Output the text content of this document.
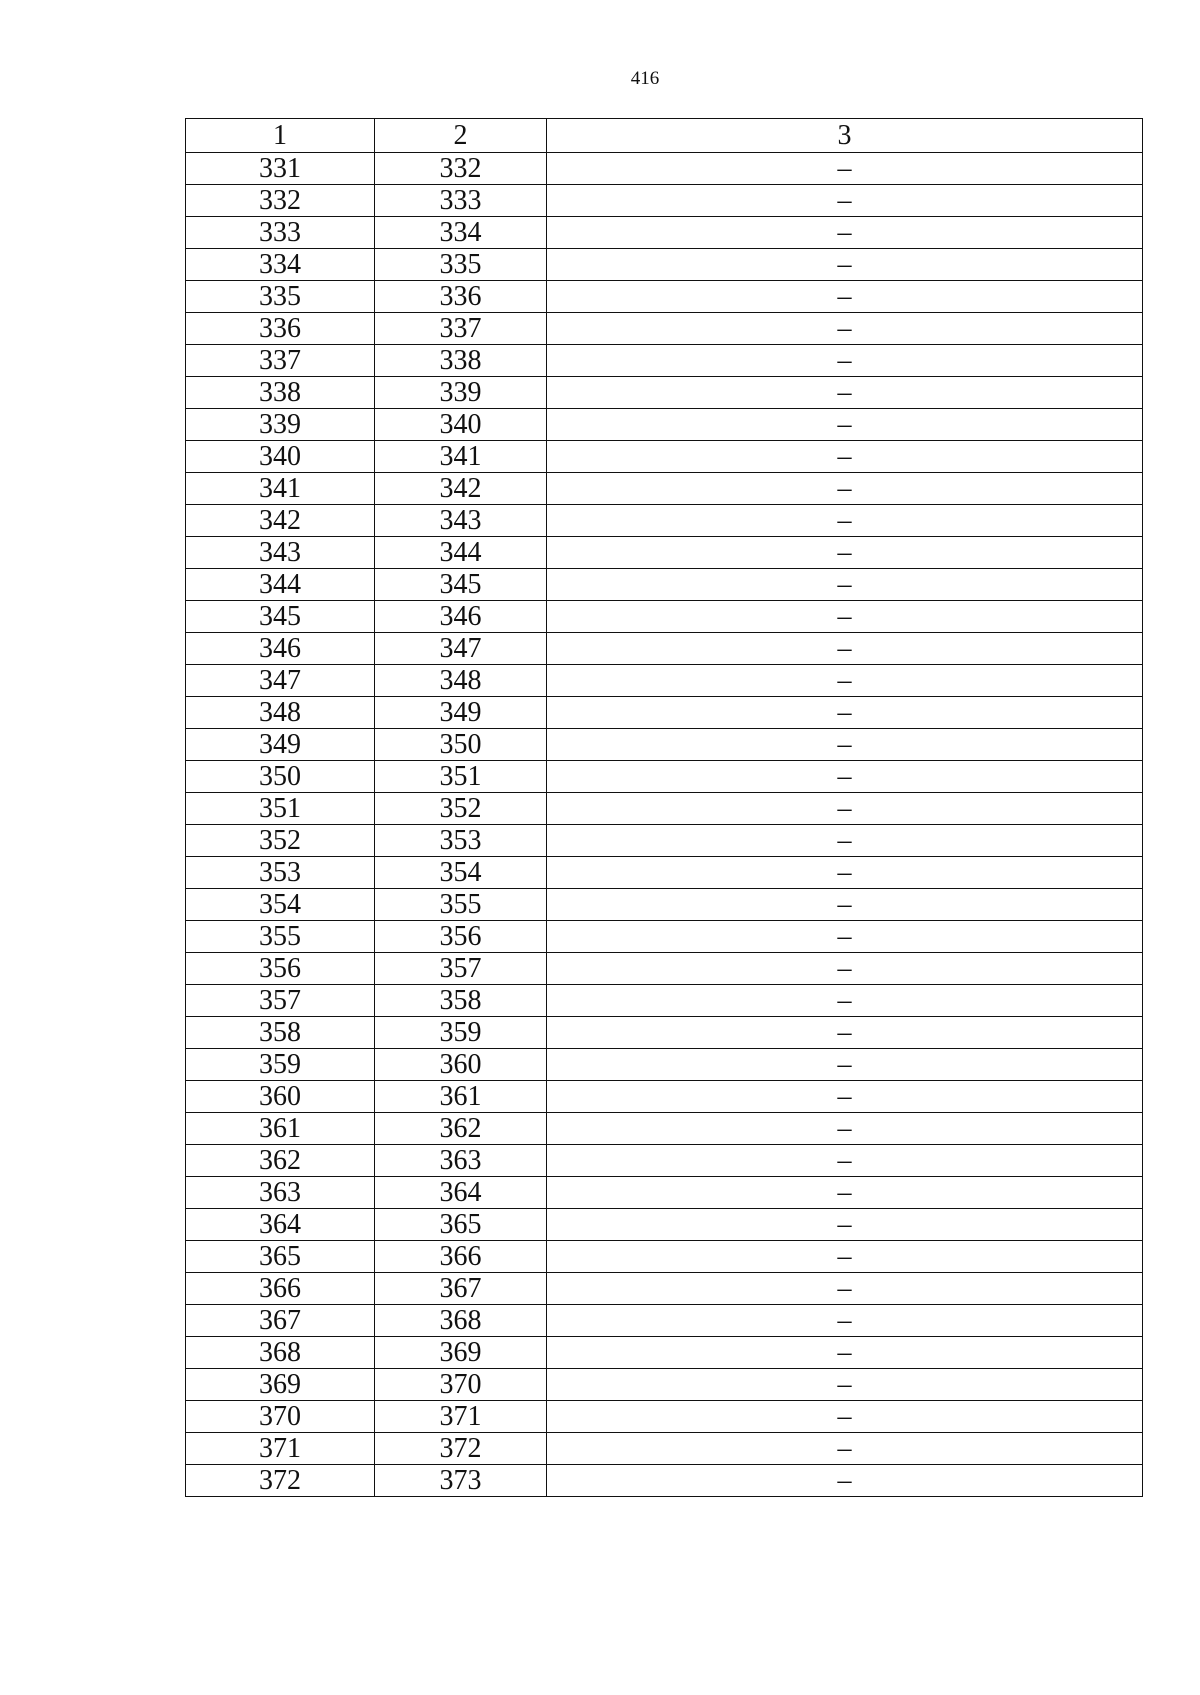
416
1	2	3
331	332	–
332	333	–
333	334	–
334	335	–
335	336	–
336	337	–
337	338	–
338	339	–
339	340	–
340	341	–
341	342	–
342	343	–
343	344	–
344	345	–
345	346	–
346	347	–
347	348	–
348	349	–
349	350	–
350	351	–
351	352	–
352	353	–
353	354	–
354	355	–
355	356	–
356	357	–
357	358	–
358	359	–
359	360	–
360	361	–
361	362	–
362	363	–
363	364	–
364	365	–
365	366	–
366	367	–
367	368	–
368	369	–
369	370	–
370	371	–
371	372	–
372	373	–
